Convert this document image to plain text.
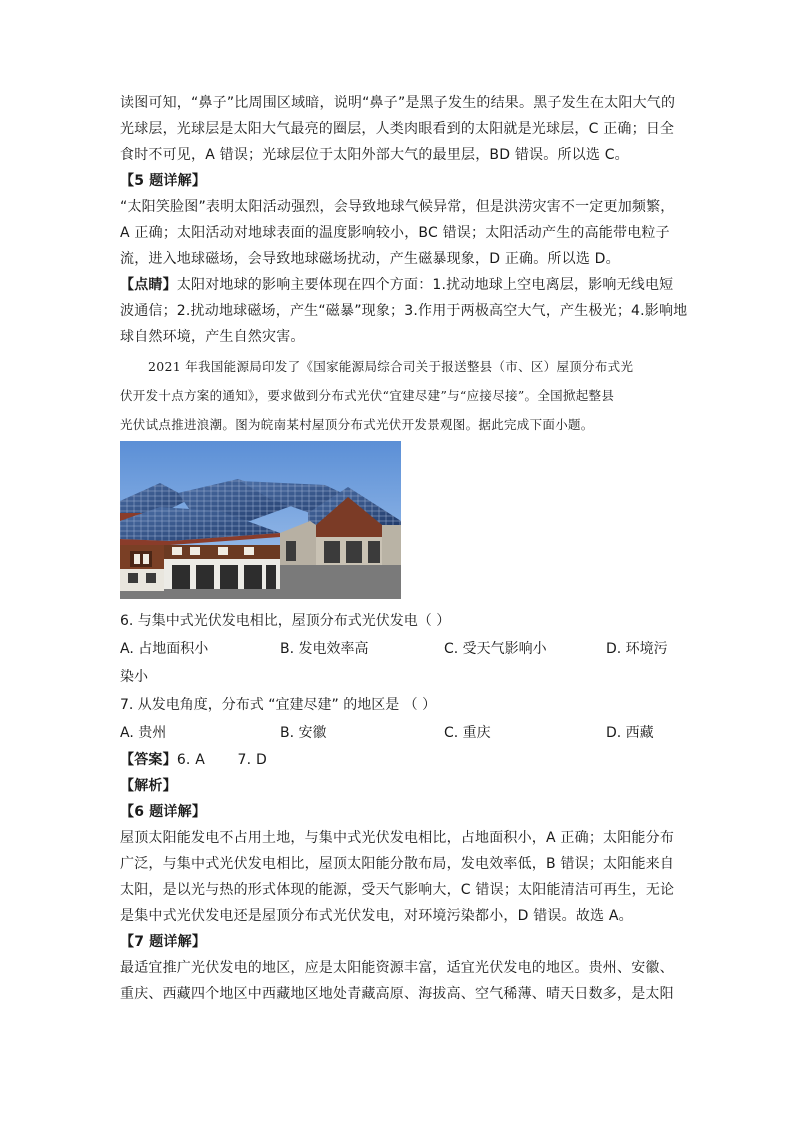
读图可知，“鼻子”比周围区域暗，说明“鼻子”是黑子发生的结果。黑子发生在太阳大气的
光球层，光球层是太阳大气最亮的圈层，人类肉眼看到的太阳就是光球层，C 正确；日全
食时不可见，A 错误；光球层位于太阳外部大气的最里层，BD 错误。所以选 C。
【5 题详解】
“太阳笑脸图”表明太阳活动强烈，会导致地球气候异常，但是洪涝灾害不一定更加频繁，
A 正确；太阳活动对地球表面的温度影响较小，BC 错误；太阳活动产生的高能带电粒子
流，进入地球磁场，会导致地球磁场扰动，产生磁暴现象，D 正确。所以选 D。
【点睛】太阳对地球的影响主要体现在四个方面：1.扰动地球上空电离层，影响无线电短
波通信；2.扰动地球磁场，产生“磁暴”现象；3.作用于两极高空大气，产生极光；4.影响地
球自然环境，产生自然灾害。
2021 年我国能源局印发了《国家能源局综合司关于报送整县（市、区）屋顶分布式光
伏开发十点方案的通知》，要求做到分布式光伏“宜建尽建”与“应接尽接”。全国掀起整县
光伏试点推进浪潮。图为皖南某村屋顶分布式光伏开发景观图。据此完成下面小题。
6. 与集中式光伏发电相比，屋顶分布式光伏发电（ ）
A. 占地面积小	B. 发电效率高	C. 受天气影响小	D. 环境污
染小
7. 从发电角度，分布式 “宜建尽建” 的地区是 （ ）
A. 贵州	B. 安徽	C. 重庆	D. 西藏
【答案】6. A       7. D
【解析】
【6 题详解】
屋顶太阳能发电不占用土地，与集中式光伏发电相比，占地面积小，A 正确；太阳能分布
广泛，与集中式光伏发电相比，屋顶太阳能分散布局，发电效率低，B 错误；太阳能来自
太阳，是以光与热的形式体现的能源，受天气影响大，C 错误；太阳能清洁可再生，无论
是集中式光伏发电还是屋顶分布式光伏发电，对环境污染都小，D 错误。故选 A。
【7 题详解】
最适宜推广光伏发电的地区，应是太阳能资源丰富，适宜光伏发电的地区。贵州、安徽、
重庆、西藏四个地区中西藏地区地处青藏高原、海拔高、空气稀薄、晴天日数多，是太阳
